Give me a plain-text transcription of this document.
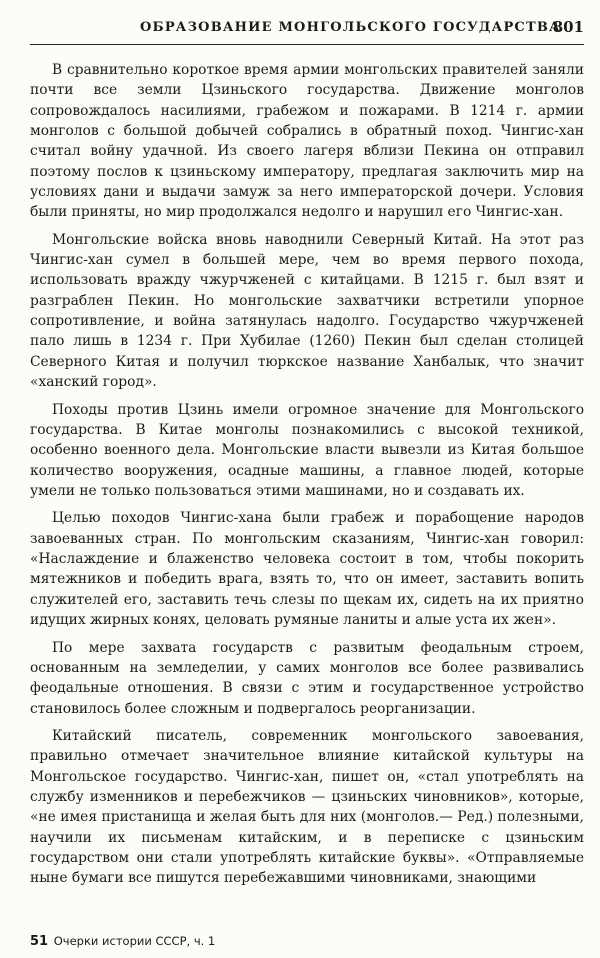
ОБРАЗОВАНИЕ МОНГОЛЬСКОГО ГОСУДАРСТВА
801

В сравнительно короткое время армии монгольских правителей заняли почти все земли Цзиньского государства. Движение монголов сопровождалось насилиями, грабежом и пожарами. В 1214 г. армии монголов с большой добычей собрались в обратный поход. Чингис-хан считал войну удачной. Из своего лагеря вблизи Пекина он отправил поэтому послов к цзиньскому императору, предлагая заключить мир на условиях дани и выдачи замуж за него императорской дочери. Условия были приняты, но мир продолжался недолго и нарушил его Чингис-хан.

Монгольские войска вновь наводнили Северный Китай. На этот раз Чингис-хан сумел в большей мере, чем во время первого похода, использовать вражду чжурчженей с китайцами. В 1215 г. был взят и разграблен Пекин. Но монгольские захватчики встретили упорное сопротивление, и война затянулась надолго. Государство чжурчженей пало лишь в 1234 г. При Хубилае (1260) Пекин был сделан столицей Северного Китая и получил тюркское название Ханбалык, что значит «ханский город».

Походы против Цзинь имели огромное значение для Монгольского государства. В Китае монголы познакомились с высокой техникой, особенно военного дела. Монгольские власти вывезли из Китая большое количество вооружения, осадные машины, а главное людей, которые умели не только пользоваться этими машинами, но и создавать их.

Целью походов Чингис-хана были грабеж и порабощение народов завоеванных стран. По монгольским сказаниям, Чингис-хан говорил: «Наслаждение и блаженство человека состоит в том, чтобы покорить мятежников и победить врага, взять то, что он имеет, заставить вопить служителей его, заставить течь слезы по щекам их, сидеть на их приятно идущих жирных конях, целовать румяные ланиты и алые уста их жен».

По мере захвата государств с развитым феодальным строем, основанным на земледелии, у самих монголов все более развивались феодальные отношения. В связи с этим и государственное устройство становилось более сложным и подвергалось реорганизации.

Китайский писатель, современник монгольского завоевания, правильно отмечает значительное влияние китайской культуры на Монгольское государство. Чингис-хан, пишет он, «стал употреблять на службу изменников и перебежчиков — цзиньских чиновников», которые, «не имея пристанища и желая быть для них (монголов.— Ред.) полезными, научили их письменам китайским, и в переписке с цзиньским государством они стали употреблять китайские буквы». «Отправляемые ныне бумаги все пишутся перебежавшими чиновниками, знающими

51 Очерки истории СССР, ч. 1
